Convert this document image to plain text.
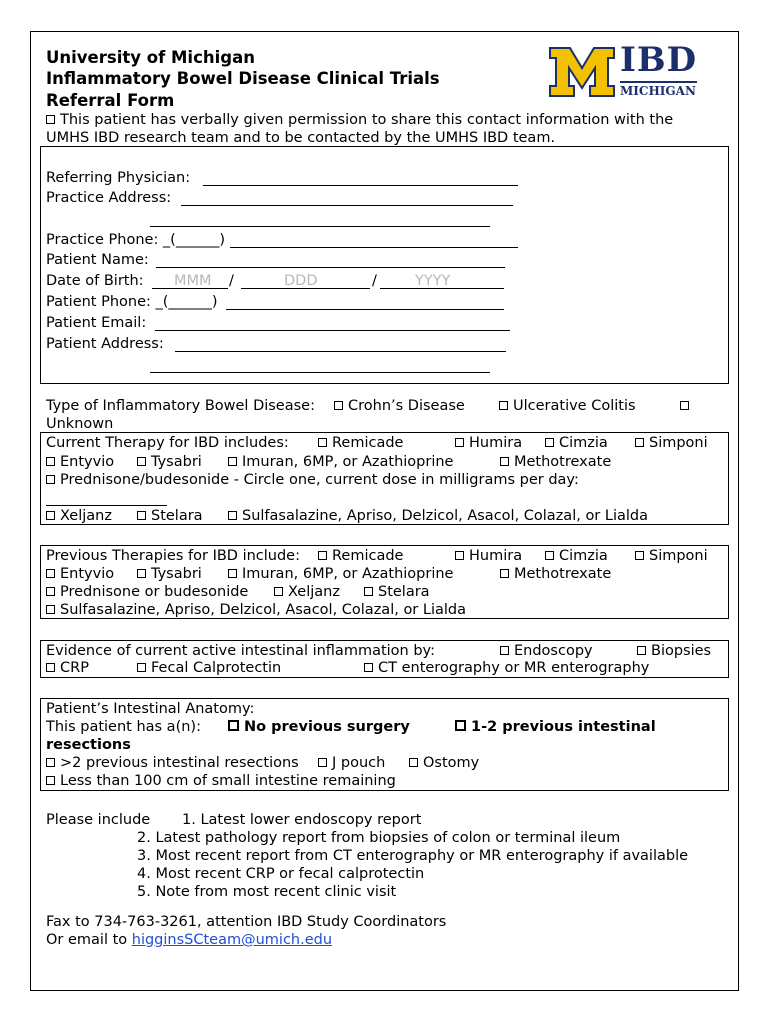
University of Michigan
Inflammatory Bowel Disease Clinical Trials
Referral Form
IBD
MICHIGAN
This patient has verbally given permission to share this contact information with the
UMHS IBD research team and to be contacted by the UMHS IBD team.
Referring Physician:
Practice Address:
Practice Phone: _(______)
Patient Name:
Date of Birth: MMM /	DDD	/	YYYY
Patient Phone: _(______)
Patient Email:
Patient Address:
Type of Inflammatory Bowel Disease:	Crohn’s Disease	Ulcerative Colitis
Unknown
Current Therapy for IBD includes:	Remicade	Humira	Cimzia	Simponi
Entyvio	Tysabri	Imuran, 6MP, or Azathioprine	Methotrexate
Prednisone/budesonide - Circle one, current dose in milligrams per day:
Xeljanz	Stelara	Sulfasalazine, Apriso, Delzicol, Asacol, Colazal, or Lialda
Previous Therapies for IBD include:	Remicade	Humira	Cimzia	Simponi
Entyvio	Tysabri	Imuran, 6MP, or Azathioprine	Methotrexate
Prednisone or budesonide	Xeljanz	Stelara
Sulfasalazine, Apriso, Delzicol, Asacol, Colazal, or Lialda
Evidence of current active intestinal inflammation by:	Endoscopy	Biopsies
CRP	Fecal Calprotectin	CT enterography or MR enterography
Patient’s Intestinal Anatomy:
This patient has a(n):	No previous surgery	1-2 previous intestinal
resections
>2 previous intestinal resections	J pouch	Ostomy
Less than 100 cm of small intestine remaining
Please include 1. Latest lower endoscopy report
2. Latest pathology report from biopsies of colon or terminal ileum
3. Most recent report from CT enterography or MR enterography if available
4. Most recent CRP or fecal calprotectin
5. Note from most recent clinic visit
Fax to 734-763-3261, attention IBD Study Coordinators
Or email to higginsSCteam@umich.edu
